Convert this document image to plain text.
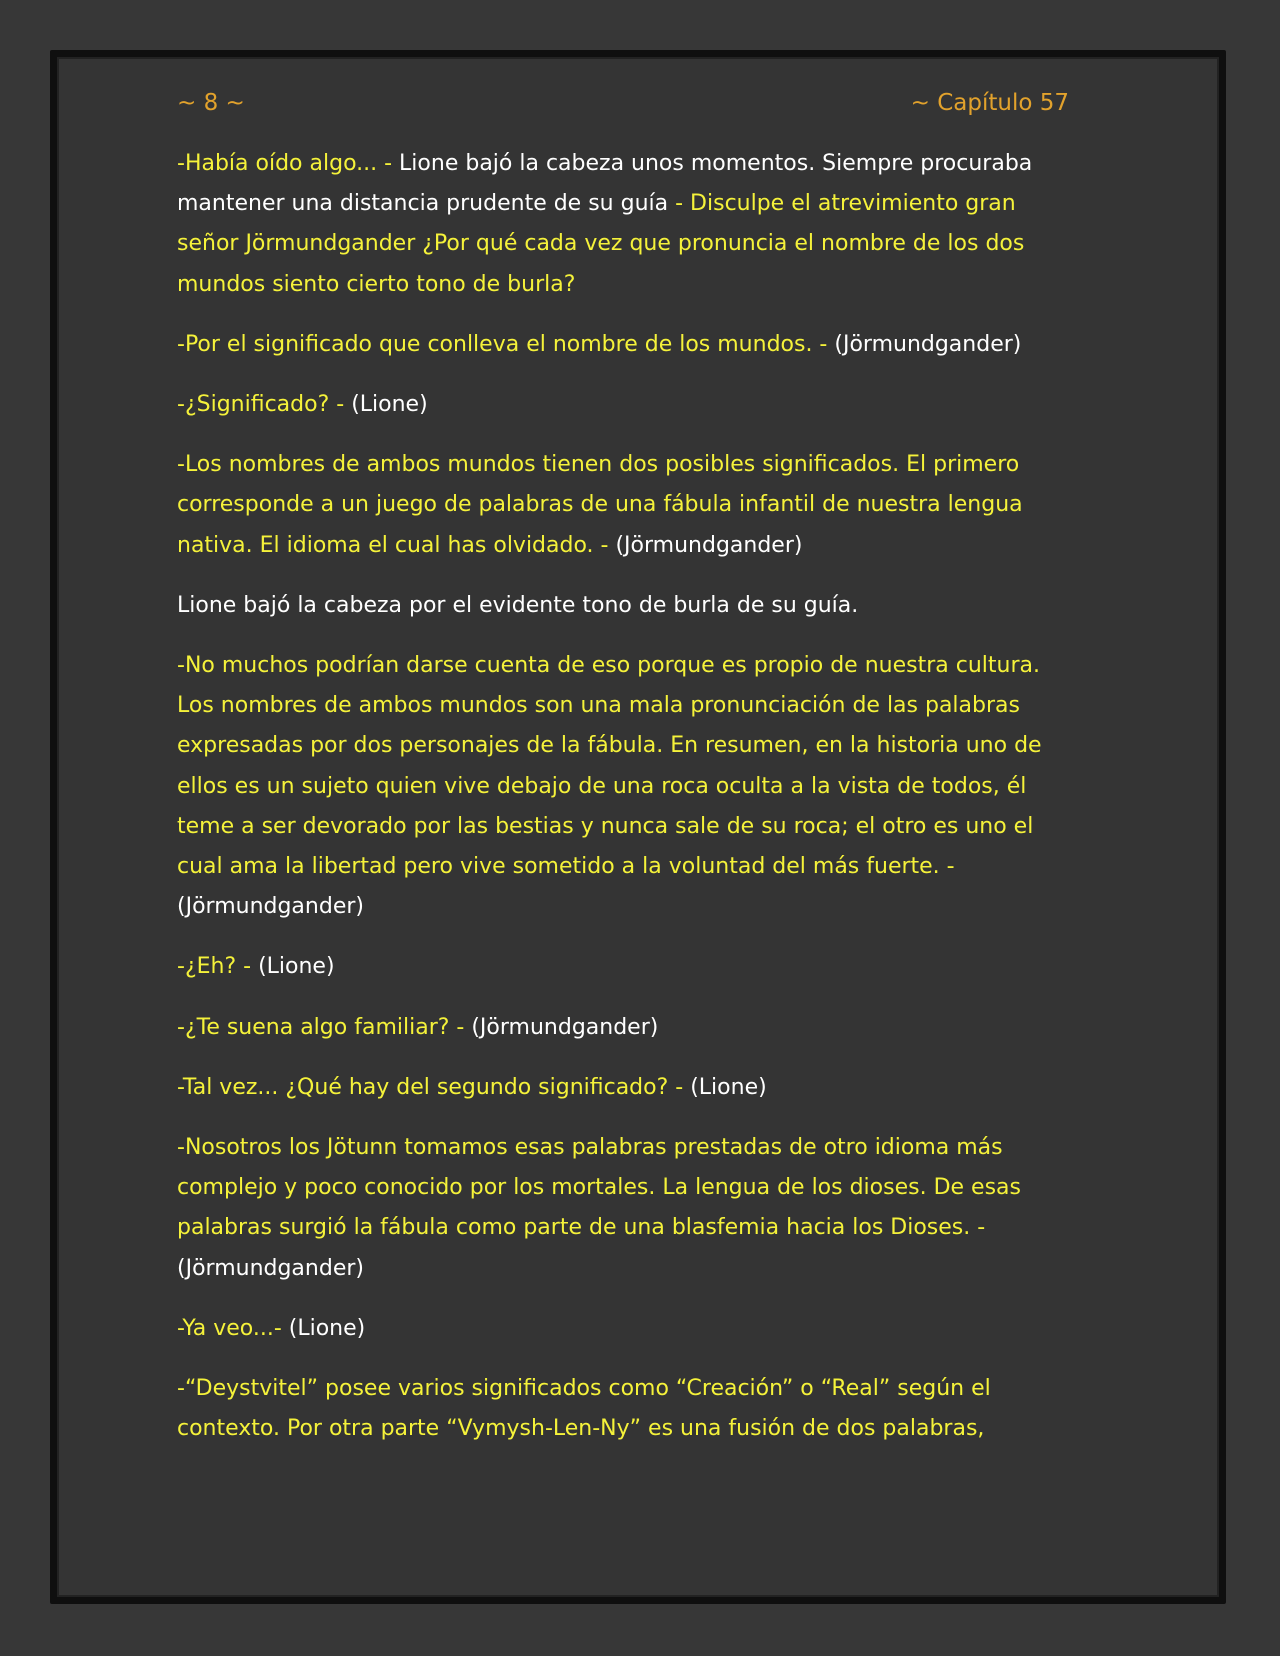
~ 8 ~	~ Capítulo 57

-Había oído algo... - Lione bajó la cabeza unos momentos. Siempre procuraba
mantener una distancia prudente de su guía - Disculpe el atrevimiento gran
señor Jörmundgander ¿Por qué cada vez que pronuncia el nombre de los dos
mundos siento cierto tono de burla?

-Por el significado que conlleva el nombre de los mundos. - (Jörmundgander)

-¿Significado? - (Lione)

-Los nombres de ambos mundos tienen dos posibles significados. El primero
corresponde a un juego de palabras de una fábula infantil de nuestra lengua
nativa. El idioma el cual has olvidado. - (Jörmundgander)

Lione bajó la cabeza por el evidente tono de burla de su guía.

-No muchos podrían darse cuenta de eso porque es propio de nuestra cultura.
Los nombres de ambos mundos son una mala pronunciación de las palabras
expresadas por dos personajes de la fábula. En resumen, en la historia uno de
ellos es un sujeto quien vive debajo de una roca oculta a la vista de todos, él
teme a ser devorado por las bestias y nunca sale de su roca; el otro es uno el
cual ama la libertad pero vive sometido a la voluntad del más fuerte. -
(Jörmundgander)

-¿Eh? - (Lione)

-¿Te suena algo familiar? - (Jörmundgander)

-Tal vez... ¿Qué hay del segundo significado? - (Lione)

-Nosotros los Jötunn tomamos esas palabras prestadas de otro idioma más
complejo y poco conocido por los mortales. La lengua de los dioses. De esas
palabras surgió la fábula como parte de una blasfemia hacia los Dioses. -
(Jörmundgander)

-Ya veo...- (Lione)

-“Deystvitel” posee varios significados como “Creación” o “Real” según el
contexto. Por otra parte “Vymysh-Len-Ny” es una fusión de dos palabras,
